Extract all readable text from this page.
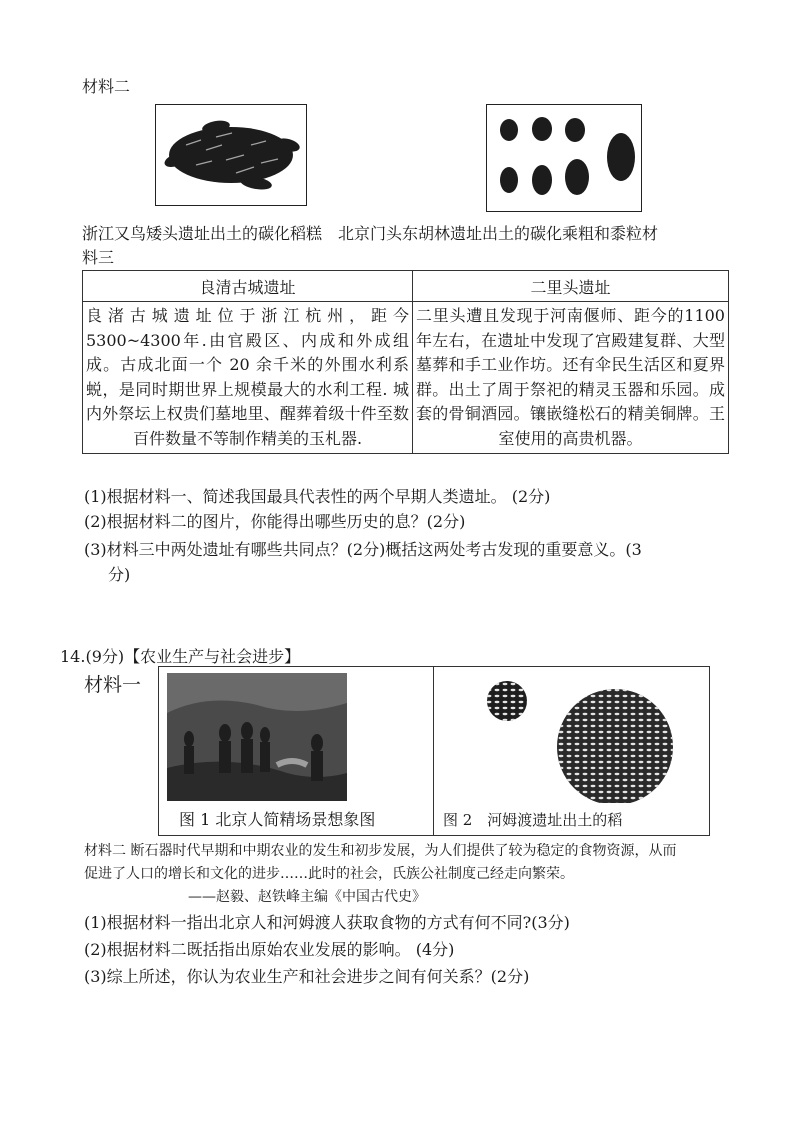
材料二
浙江又鸟矮头遗址出土的碳化稻糕　北京门头东胡林遗址出土的碳化乘粗和黍粒材
料三
良清古城遗址	二里头遗址
良渚古城遗址位于浙江杭州，距今5300~4300年.由官殿区、内成和外成组成。古成北面一个 20 余千米的外围水利系蜕，是同时期世界上规模最大的水利工程. 城内外祭坛上权贵们墓地里、醒葬着级十件至数百件数量不等制作精美的玉札器.	二里头遭且发现于河南偃师、距今的1100年左右，在遗址中发现了宫殿建复群、大型墓葬和手工业作坊。还有伞民生活区和夏界群。出土了周于祭祀的精灵玉器和乐园。成套的骨铜酒园。镶嵌缝松石的精美铜牌。王室使用的高贵机器。
(1)根据材料一、简述我国最具代表性的两个早期人类遗址。 (2分)
(2)根据材料二的图片，你能得出哪些历史的息？(2分)
(3)材料三中两处遗址有哪些共同点？(2分)概括这两处考古发现的重要意义。(3
分)
14.(9分)【农业生产与社会进步】
材料一
图 1 北京人简精场景想象图	图 2　河姆渡遗址出土的稻
材料二 断石器时代早期和中期农业的发生和初步发展，为人们提供了较为稳定的食物资源，从而
促进了人口的增长和文化的进步……此时的社会，氏族公社制度己经走向繁荣。
——赵毅、赵铁峰主编《中国古代史》
(1)根据材料一指出北京人和河姆渡人获取食物的方式有何不同?(3分)
(2)根据材料二既括指出原始农业发展的影响。 (4分)
(3)综上所述，你认为农业生产和社会进步之间有何关系？(2分)
